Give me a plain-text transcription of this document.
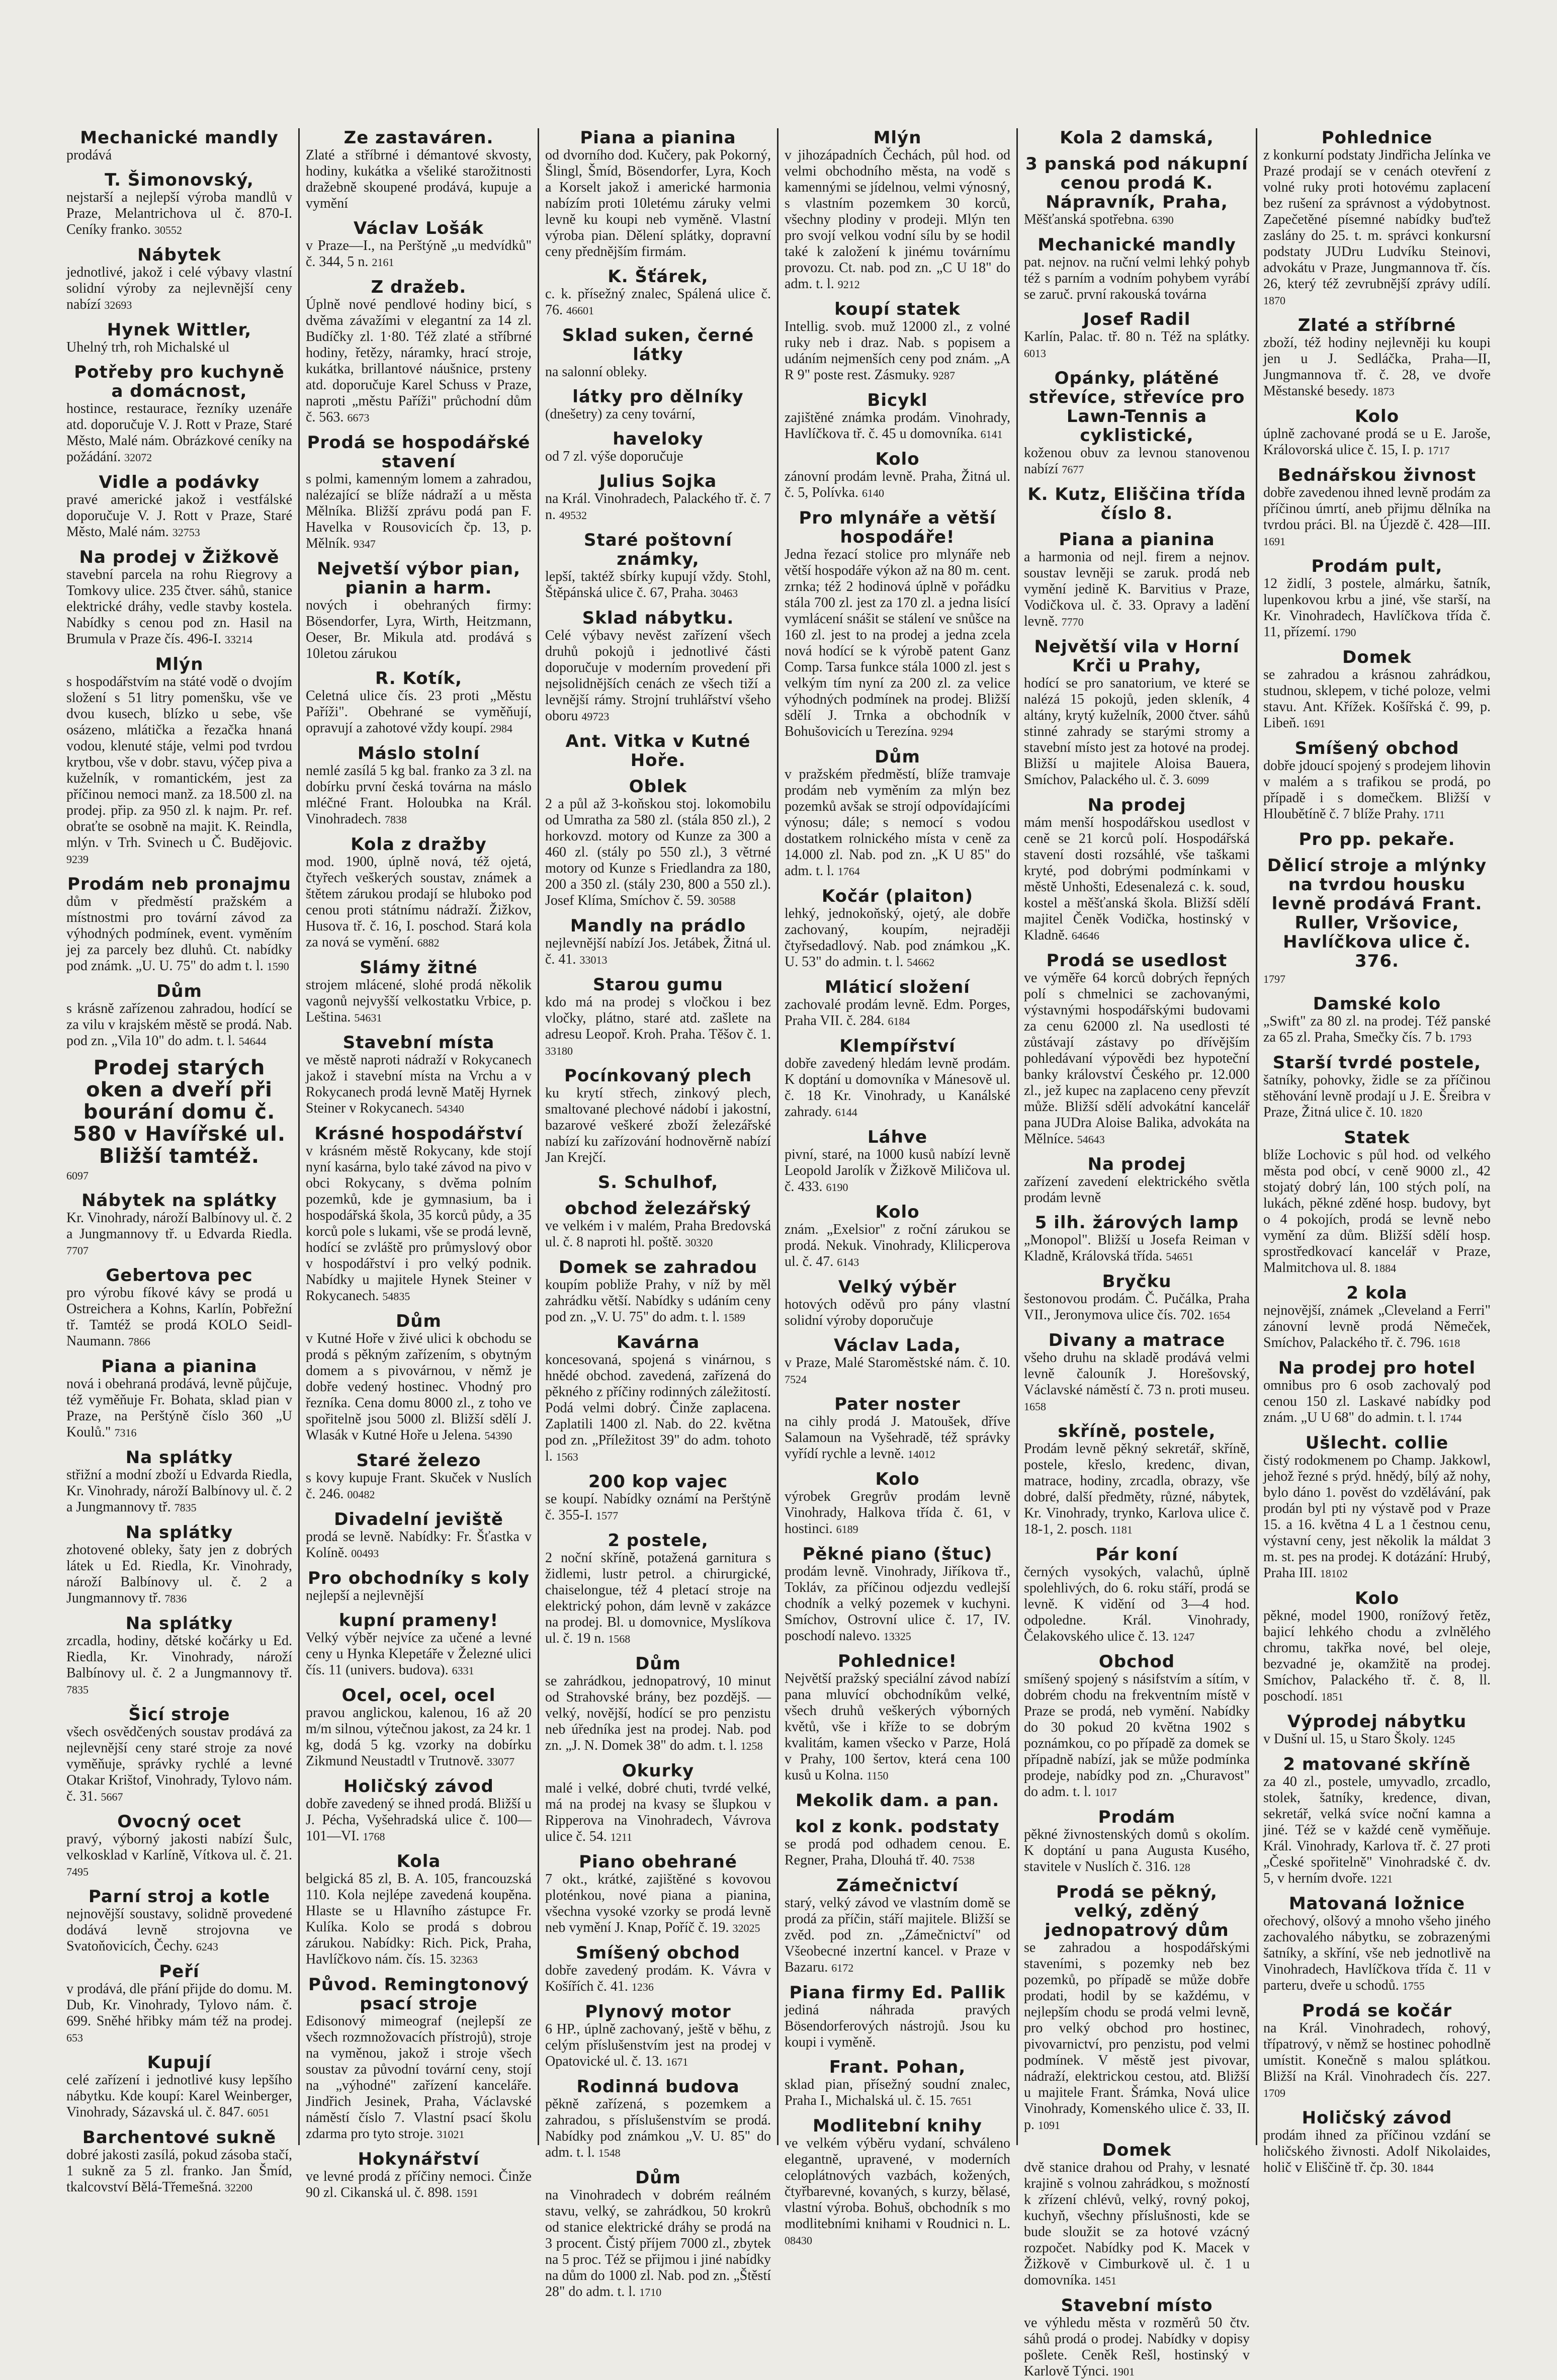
Mechanické mandly
prodává
T. Šimonovský,
nejstarší a nejlepší výroba mandlů v Praze, Melantrichova ul č. 870-I. Ceníky franko. 30552
Nábytek
jednotlivé, jakož i celé výbavy vlastní solidní výroby za nejlevnější ceny nabízí 32693
Hynek Wittler,
Uhelný trh, roh Michalské ul
Potřeby pro kuchyně a domácnost,
hostince, restaurace, řezníky uzenáře atd. doporučuje V. J. Rott v Praze, Staré Město, Malé nám. Obrázkové ceníky na požádání. 32072
Vidle a podávky
pravé americké jakož i vestfálské doporučuje V. J. Rott v Praze, Staré Město, Malé nám. 32753
Na prodej v Žižkově
stavební parcela na rohu Riegrovy a Tomkovy ulice. 235 čtver. sáhů, stanice elektrické dráhy, vedle stavby kostela. Nabídky s cenou pod zn. Hasil na Brumula v Praze čís. 496-I. 33214
Mlýn
s hospodářstvím na státé vodě o dvojím složení s 51 litry pomenšku, vše ve dvou kusech, blízko u sebe, vše osázeno, mlátička a řezačka hnaná vodou, klenuté stáje, velmi pod tvrdou krytbou, vše v dobr. stavu, výčep piva a kuželník, v romantickém, jest za příčinou nemoci manž. za 18.500 zl. na prodej. přip. za 950 zl. k najm. Pr. ref. obraťte se osobně na majit. K. Reindla, mlýn. v Trh. Svinech u Č. Budějovic. 9239
Prodám neb pronajmu
dům v předměstí pražském a místnostmi pro tovární závod za výhodných podmínek, event. vyměním jej za parcely bez dluhů. Ct. nabídky pod známk. „U. U. 75" do adm t. l. 1590
Dům
s krásně zařízenou zahradou, hodící se za vilu v krajském městě se prodá. Nab. pod zn. „Vila 10" do adm. t. l. 54644
Prodej starých oken a dveří při bourání domu č. 580 v Havířské ul. Bližší tamtéž.
6097
Nábytek na splátky
Kr. Vinohrady, nároží Balbínovy ul. č. 2 a Jungmannovy tř. u Edvarda Riedla. 7707
Gebertova pec
pro výrobu fíkové kávy se prodá u Ostreichera a Kohns, Karlín, Pobřežní tř. Tamtéž se prodá KOLO Seidl-Naumann. 7866
Piana a pianina
nová i obehraná prodává, levně půjčuje, též vyměňuje Fr. Bohata, sklad pian v Praze, na Perštýně číslo 360 „U Koulů." 7316
Na splátky
střižní a modní zboží u Edvarda Riedla, Kr. Vinohrady, nároží Balbínovy ul. č. 2 a Jungmannovy tř. 7835
Na splátky
zhotovené obleky, šaty jen z dobrých látek u Ed. Riedla, Kr. Vinohrady, nároží Balbínovy ul. č. 2 a Jungmannovy tř. 7836
Na splátky
zrcadla, hodiny, dětské kočárky u Ed. Riedla, Kr. Vinohrady, nároží Balbínovy ul. č. 2 a Jungmannovy tř. 7835
Šicí stroje
všech osvědčených soustav prodává za nejlevnější ceny staré stroje za nové vyměňuje, správky rychlé a levné Otakar Krištof, Vinohrady, Tylovo nám. č. 31. 5667
Ovocný ocet
pravý, výborný jakosti nabízí Šulc, velkosklad v Karlíně, Vítkova ul. č. 21. 7495
Parní stroj a kotle
nejnovější soustavy, solidně provedené dodává levně strojovna ve Svatoňovicích, Čechy. 6243
Peří
v prodává, dle přání přijde do domu. M. Dub, Kr. Vinohrady, Tylovo nám. č. 699. Sněhé hřibky mám též na prodej. 653
Kupují
celé zařízení i jednotlivé kusy lepšího nábytku. Kde koupí: Karel Weinberger, Vinohrady, Sázavská ul. č. 847. 6051
Barchentové sukně
dobré jakosti zasílá, pokud zásoba stačí, 1 sukně za 5 zl. franko. Jan Šmíd, tkalcovství Bělá-Třemešná. 32200
Ze zastaváren.
Zlaté a stříbrné i démantové skvosty, hodiny, kukátka a všeliké starožitnosti dražebně skoupené prodává, kupuje a vymění
Václav Lošák
v Praze—I., na Perštýně „u medvídků" č. 344, 5 n. 2161
Z dražeb.
Úplně nové pendlové hodiny bicí, s dvěma závažími v elegantní za 14 zl. Budíčky zl. 1·80. Též zlaté a stříbrné hodiny, řetězy, náramky, hrací stroje, kukátka, brillantové náušnice, prsteny atd. doporučuje Karel Schuss v Praze, naproti „městu Paříži" průchodní dům č. 563. 6673
Prodá se hospodářské stavení
s polmi, kamenným lomem a zahradou, nalézající se blíže nádraží a u města Mělníka. Bližší zprávu podá pan F. Havelka v Rousovicích čp. 13, p. Mělník. 9347
Nejvetší výbor pian, pianin a harm.
nových i obehraných firmy: Bösendorfer, Lyra, Wirth, Heitzmann, Oeser, Br. Mikula atd. prodává s 10letou zárukou
R. Kotík,
Celetná ulice čís. 23 proti „Městu Paříži". Obehrané se vyměňují, opravují a zahotové vždy koupí. 2984
Máslo stolní
nemlé zasílá 5 kg bal. franko za 3 zl. na dobírku první česká továrna na máslo mléčné Frant. Holoubka na Král. Vinohradech. 7838
Kola z dražby
mod. 1900, úplně nová, též ojetá, čtyřech veškerých soustav, známek a štětem zárukou prodají se hluboko pod cenou proti státnímu nádraží. Žižkov, Husova tř. č. 16, I. poschod. Stará kola za nová se vymění. 6882
Slámy žitné
strojem mlácené, slohé prodá několik vagonů nejvyšší velkostatku Vrbice, p. Leština. 54631
Stavební místa
ve městě naproti nádraží v Rokycanech jakož i stavební místa na Vrchu a v Rokycanech prodá levně Matěj Hyrnek Steiner v Rokycanech. 54340
Krásné hospodářství
v krásném městě Rokycany, kde stojí nyní kasárna, bylo také závod na pivo v obci Rokycany, s dvěma polním pozemků, kde je gymnasium, ba i hospodářská škola, 35 korců půdy, a 35 korců pole s lukami, vše se prodá levně, hodící se zvláště pro průmyslový obor v hospodářství i pro velký podnik. Nabídky u majitele Hynek Steiner v Rokycanech. 54835
Dům
v Kutné Hoře v živé ulici k obchodu se prodá s pěkným zařízením, s obytným domem a s pivovárnou, v němž je dobře vedený hostinec. Vhodný pro řezníka. Cena domu 8000 zl., z toho ve spořitelně jsou 5000 zl. Bližší sdělí J. Wlasák v Kutné Hoře u Jelena. 54390
Staré železo
s kovy kupuje Frant. Skuček v Nuslích č. 246. 00482
Divadelní jeviště
prodá se levně. Nabídky: Fr. Šťastka v Kolíně. 00493
Pro obchodníky s koly
nejlepší a nejlevnější
kupní prameny!
Velký výběr nejvíce za učené a levné ceny u Hynka Klepetáře v Železné ulici čís. 11 (univers. budova). 6331
Ocel, ocel, ocel
pravou anglickou, kalenou, 16 až 20 m/m silnou, výtečnou jakost, za 24 kr. 1 kg, dodá 5 kg. vzorky na dobírku Zikmund Neustadtl v Trutnově. 33077
Holičský závod
dobře zavedený se ihned prodá. Bližší u J. Pécha, Vyšehradská ulice č. 100—101—VI. 1768
Kola
belgická 85 zl, B. A. 105, francouzská 110. Kola nejlépe zavedená koupěna. Hlaste se u Hlavního zástupce Fr. Kulíka. Kolo se prodá s dobrou zárukou. Nabídky: Rich. Pick, Praha, Havlíčkovo nám. čís. 15. 32363
Původ. Remingtonový psací stroje
Edisonový mimeograf (nejlepší ze všech rozmnožovacích přístrojů), stroje na vyměnou, jakož i stroje všech soustav za původní tovární ceny, stojí na „výhodné" zařízení kanceláře. Jindřich Jesinek, Praha, Václavské náměstí číslo 7. Vlastní psací školu zdarma pro tyto stroje. 31021
Hokynářství
ve levné prodá z příčiny nemoci. Činže 90 zl. Cikanská ul. č. 898. 1591
Piana a pianina
od dvorního dod. Kučery, pak Pokorný, Šlingl, Šmíd, Bösendorfer, Lyra, Koch a Korselt jakož i americké harmonia nabízím proti 10letému záruky velmi levně ku koupi neb vyměně. Vlastní výroba pian. Dělení splátky, dopravní ceny přednějším firmám.
K. Šťárek,
c. k. přísežný znalec, Spálená ulice č. 76. 46601
Sklad suken, černé látky
na salonní obleky.
látky pro dělníky
(dnešetry) za ceny tovární,
haveloky
od 7 zl. výše doporučuje
Julius Sojka
na Král. Vinohradech, Palackého tř. č. 7 n. 49532
Staré poštovní známky,
lepší, taktéž sbírky kupují vždy. Stohl, Štěpánská ulice č. 67, Praha. 30463
Sklad nábytku.
Celé výbavy nevěst zařízení všech druhů pokojů i jednotlivé části doporučuje v moderním provedení při nejsolidnějších cenách ze všech tiží a levnější rámy. Strojní truhlářství všeho oboru 49723
Ant. Vitka v Kutné Hoře.
Oblek
2 a půl až 3-koňskou stoj. lokomobilu od Umratha za 580 zl. (stála 850 zl.), 2 horkovzd. motory od Kunze za 300 a 460 zl. (stály po 550 zl.), 3 větrné motory od Kunze s Friedlandra za 180, 200 a 350 zl. (stály 230, 800 a 550 zl.). Josef Klíma, Smíchov č. 59. 30588
Mandly na prádlo
nejlevnější nabízí Jos. Jetábek, Žitná ul. č. 41. 33013
Starou gumu
kdo má na prodej s vločkou i bez vločky, plátno, staré atd. zašlete na adresu Leopoř. Kroh. Praha. Těšov č. 1. 33180
Pocínkovaný plech
ku krytí střech, zinkový plech, smaltované plechové nádobí i jakostní, bazarové veškeré zboží železářské nabízí ku zařízování hodnověrně nabízí Jan Krejčí.
S. Schulhof,
obchod železářský
ve velkém i v malém, Praha Bredovská ul. č. 8 naproti hl. poště. 30320
Domek se zahradou
koupím pobliže Prahy, v níž by měl zahrádku větší. Nabídky s udáním ceny pod zn. „V. U. 75" do adm. t. l. 1589
Kavárna
koncesovaná, spojená s vinárnou, s hnědé obchod. zavedená, zařízená do pěkného z příčiny rodinných záležitostí. Podá velmi dobrý. Činže zaplacena. Zaplatili 1400 zl. Nab. do 22. května pod zn. „Příležitost 39" do adm. tohoto l. 1563
200 kop vajec
se koupí. Nabídky oznámí na Perštýně č. 355-I. 1577
2 postele,
2 noční skříně, potažená garnitura s židlemi, lustr petrol. a chirurgické, chaiselongue, též 4 pletací stroje na elektrický pohon, dám levně v zakázce na prodej. Bl. u domovnice, Myslíkova ul. č. 19 n. 1568
Dům
se zahrádkou, jednopatrový, 10 minut od Strahovské brány, bez pozdějš. — velký, novější, hodící se pro penzistu neb úředníka jest na prodej. Nab. pod zn. „J. N. Domek 38" do adm. t. l. 1258
Okurky
malé i velké, dobré chuti, tvrdé velké, má na prodej na kvasy se šlupkou v Ripperova na Vinohradech, Vávrova ulice č. 54. 1211
Piano obehrané
7 okt., krátké, zajištěné s kovovou ploténkou, nové piana a pianina, všechna vysoké vzorky se prodá levně neb vymění J. Knap, Poříč č. 19. 32025
Smíšený obchod
dobře zavedený prodám. K. Vávra v Košířích č. 41. 1236
Plynový motor
6 HP., úplně zachovaný, ještě v běhu, z celým příslušenstvím jest na prodej v Opatovické ul. č. 13. 1671
Rodinná budova
pěkně zařízená, s pozemkem a zahradou, s příslušenstvím se prodá. Nabídky pod známkou „V. U. 85" do adm. t. l. 1548
Dům
na Vinohradech v dobrém reálném stavu, velký, se zahrádkou, 50 krokrů od stanice elektrické dráhy se prodá na 3 procent. Čistý příjem 7000 zl., zbytek na 5 proc. Též se přijmou i jiné nabídky na dům do 1000 zl. Nab. pod zn. „Štěstí 28" do adm. t. l. 1710
Mlýn
v jihozápadních Čechách, půl hod. od velmi obchodního města, na vodě s kamennými se jídelnou, velmi výnosný, s vlastním pozemkem 30 korců, všechny plodiny v prodeji. Mlýn ten pro svojí velkou vodní sílu by se hodil také k založení k jinému továrnímu provozu. Ct. nab. pod zn. „C U 18" do adm. t. l. 9212
koupí statek
Intellig. svob. muž 12000 zl., z volné ruky neb i draz. Nab. s popisem a udáním nejmenších ceny pod znám. „A R 9" poste rest. Zásmuky. 9287
Bicykl
zajištěné známka prodám. Vinohrady, Havlíčkova tř. č. 45 u domovníka. 6141
Kolo
zánovní prodám levně. Praha, Žitná ul. č. 5, Polívka. 6140
Pro mlynáře a větší hospodáře!
Jedna řezací stolice pro mlynáře neb větší hospodáře výkon až na 80 m. cent. zrnka; též 2 hodinová úplně v pořádku stála 700 zl. jest za 170 zl. a jedna lisící vymlácení snášit se stálení ve snůšce na 160 zl. jest to na prodej a jedna zcela nová hodící se k výrobě patent Ganz Comp. Tarsa funkce stála 1000 zl. jest s velkým tím nyní za 200 zl. za velice výhodných podmínek na prodej. Bližší sdělí J. Trnka a obchodník v Bohušovicích u Terezína. 9294
Dům
v pražském předměstí, blíže tramvaje prodám neb vyměním za mlýn bez pozemků avšak se strojí odpovídajícími výnosu; dále; s nemocí s vodou dostatkem rolnického místa v ceně za 14.000 zl. Nab. pod zn. „K U 85" do adm. t. l. 1764
Kočár (plaiton)
lehký, jednokoňský, ojetý, ale dobře zachovaný, koupím, nejraději čtyřsedadlový. Nab. pod známkou „K. U. 53" do admin. t. l. 54662
Mláticí složení
zachovalé prodám levně. Edm. Porges, Praha VII. č. 284. 6184
Klempířství
dobře zavedený hledám levně prodám. K doptání u domovníka v Mánesově ul. č. 18 Kr. Vinohrady, u Kanálské zahrady. 6144
Láhve
pivní, staré, na 1000 kusů nabízí levně Leopold Jarolík v Žižkově Miličova ul. č. 433. 6190
Kolo
znám. „Exelsior" z roční zárukou se prodá. Nekuk. Vinohrady, Klilicperova ul. č. 47. 6143
Velký výběr
hotových oděvů pro pány vlastní solidní výroby doporučuje
Václav Lada,
v Praze, Malé Staroměstské nám. č. 10. 7524
Pater noster
na cihly prodá J. Matoušek, dříve Salamoun na Vyšehradě, též správky vyřídí rychle a levně. 14012
Kolo
výrobek Gregrův prodám levně Vinohrady, Halkova třída č. 61, v hostinci. 6189
Pěkné piano (štuc)
prodám levně. Vinohrady, Jiříkova tř., Tokláv, za příčinou odjezdu vedlejší chodník a velký pozemek v kuchyni. Smíchov, Ostrovní ulice č. 17, IV. poschodí nalevo. 13325
Pohlednice!
Největší pražský speciální závod nabízí pana mluvící obchodníkům velké, všech druhů veškerých výborných květů, vše i kříže to se dobrým kvalitám, kamen všecko v Parze, Holá v Prahy, 100 šertov, která cena 100 kusů u Kolna. 1150
Mekolik dam. a pan.
kol z konk. podstaty
se prodá pod odhadem cenou. E. Regner, Praha, Dlouhá tř. 40. 7538
Zámečnictví
starý, velký závod ve vlastním domě se prodá za příčin, stáří majitele. Bližší se zvěd. pod zn. „Zámečnictví" od Všeobecné inzertní kancel. v Praze v Bazaru. 6172
Piana firmy Ed. Pallik
jediná náhrada pravých Bösendorferových nástrojů. Jsou ku koupi i vyměně.
Frant. Pohan,
sklad pian, přísežný soudní znalec, Praha I., Michalská ul. č. 15. 7651
Modlitební knihy
ve velkém výběru vydaní, schváleno elegantně, upravené, v moderních celoplátnových vazbách, kožených, čtyřbarevné, kovaných, s kurzy, bělasé, vlastní výroba. Bohuš, obchodník s mo modlitebními knihami v Roudnici n. L. 08430
Kola 2 damská,
3 panská pod nákupní cenou prodá K. Nápravník, Praha,
Měšťanská spotřebna. 6390
Mechanické mandly
pat. nejnov. na ruční velmi lehký pohyb též s parním a vodním pohybem vyrábí se zaruč. první rakouská továrna
Josef Radil
Karlín, Palac. tř. 80 n. Též na splátky. 6013
Opánky, plátěné střevíce, střevíce pro Lawn-Tennis a cyklistické,
koženou obuv za levnou stanovenou nabízí 7677
K. Kutz, Eliščina třída číslo 8.
Piana a pianina
a harmonia od nejl. firem a nejnov. soustav levněji se zaruk. prodá neb vymění jedině K. Barvitius v Praze, Vodičkova ul. č. 33. Opravy a ladění levně. 7770
Největší vila v Horní Krči u Prahy,
hodící se pro sanatorium, ve které se nalézá 15 pokojů, jeden skleník, 4 altány, krytý kuželník, 2000 čtver. sáhů stinné zahrady se starými stromy a stavební místo jest za hotové na prodej. Bližší u majitele Aloisa Bauera, Smíchov, Palackého ul. č. 3. 6099
Na prodej
mám menší hospodářskou usedlost v ceně se 21 korců polí. Hospodářská stavení dosti rozsáhlé, vše taškami kryté, pod dobrými podmínkami v městě Unhošti, Edesenalezá c. k. soud, kostel a měšťanská škola. Bližší sdělí majitel Čeněk Vodička, hostinský v Kladně. 64646
Prodá se usedlost
ve výměře 64 korců dobrých řepných polí s chmelnici se zachovanými, výstavnými hospodářskými budovami za cenu 62000 zl. Na usedlosti té zůstávají zástavy po dřívějším pohledávaní výpovědi bez hypoteční banky království Českého pr. 12.000 zl., jež kupec na zaplaceno ceny převzít může. Bližší sdělí advokátní kancelář pana JUDra Aloise Balika, advokáta na Mělníce. 54643
Na prodej
zařízení zavedení elektrického světla prodám levně
5 ilh. žárových lamp
„Monopol". Bližší u Josefa Reiman v Kladně, Královská třída. 54651
Bryčku
šestonovou prodám. Č. Pučálka, Praha VII., Jeronymova ulice čís. 702. 1654
Divany a matrace
všeho druhu na skladě prodává velmi levně čalouník J. Horešovský, Václavské náměstí č. 73 n. proti museu. 1658
skříně, postele,
Prodám levně pěkný sekretář, skříně, postele, křeslo, kredenc, divan, matrace, hodiny, zrcadla, obrazy, vše dobré, další předměty, různé, nábytek, Kr. Vinohrady, trynko, Karlova ulice č. 18-1, 2. posch. 1181
Pár koní
černých vysokých, valachů, úplně spolehlivých, do 6. roku stáří, prodá se levně. K vidění od 3—4 hod. odpoledne. Král. Vinohrady, Čelakovského ulice č. 13. 1247
Obchod
smíšený spojený s násifstvím a sítím, v dobrém chodu na frekventním místě v Praze se prodá, neb vymění. Nabídky do 30 pokud 20 května 1902 s poznámkou, co po případě za domek se případně nabízí, jak se může podmínka prodeje, nabídky pod zn. „Churavost" do adm. t. l. 1017
Prodám
pěkné živnostenských domů s okolím. K doptání u pana Augusta Kusého, stavitele v Nuslích č. 316. 128
Prodá se pěkný, velký, zděný jednopatrový dům
se zahradou a hospodářskými staveními, s pozemky neb bez pozemků, po případě se může dobře prodati, hodil by se každému, v nejlepším chodu se prodá velmi levně, pro velký obchod pro hostinec, pivovarnictví, pro penzistu, pod velmi podmínek. V městě jest pivovar, nádraží, elektrickou cestou, atd. Bližší u majitele Frant. Šrámka, Nová ulice Vinohrady, Komenského ulice č. 33, II. p. 1091
Domek
dvě stanice drahou od Prahy, v lesnaté krajině s volnou zahrádkou, s možností k zřízení chlévů, velký, rovný pokoj, kuchyň, všechny příslušnosti, kde se bude sloužit se za hotové vzácný rozpočet. Nabídky pod K. Macek v Žižkově v Cimburkově ul. č. 1 u domovníka. 1451
Stavební místo
ve výhledu města v rozměrů 50 čtv. sáhů prodá o prodej. Nabídky v dopisy pošlete. Ceněk Rešl, hostinský v Karlově Týnci. 1901
Pohlednice
z konkurní podstaty Jindřicha Jelínka ve Prazé prodají se v cenách otevření z volné ruky proti hotovému zaplacení bez rušení za správnost a výdobytnost. Zapečetěné písemné nabídky buďtež zaslány do 25. t. m. správci konkursní podstaty JUDru Ludvíku Steinovi, advokátu v Praze, Jungmannova tř. čís. 26, který též zevrubnější zprávy udílí. 1870
Zlaté a stříbrné
zboží, též hodiny nejlevněji ku koupi jen u J. Sedláčka, Praha—II, Jungmannova tř. č. 28, ve dvoře Městanské besedy. 1873
Kolo
úplně zachované prodá se u E. Jaroše, Královorská ulice č. 15, I. p. 1717
Bednářskou živnost
dobře zavedenou ihned levně prodám za příčinou úmrtí, aneb přijmu dělníka na tvrdou práci. Bl. na Újezdě č. 428—III. 1691
Prodám pult,
12 židlí, 3 postele, almárku, šatník, lupenkovou krbu a jiné, vše starší, na Kr. Vinohradech, Havlíčkova třída č. 11, přízemí. 1790
Domek
se zahradou a krásnou zahrádkou, studnou, sklepem, v tiché poloze, velmi stavu. Ant. Křížek. Košířská č. 99, p. Libeň. 1691
Smíšený obchod
dobře jdoucí spojený s prodejem lihovin v malém a s trafikou se prodá, po případě i s domečkem. Bližší v Hloubětíně č. 7 blíže Prahy. 1711
Pro pp. pekaře.
Dělicí stroje a mlýnky na tvrdou housku levně prodává Frant. Ruller, Vršovice, Havlíčkova ulice č. 376.
1797
Damské kolo
„Swift" za 80 zl. na prodej. Též panské za 65 zl. Praha, Smečky čís. 7 b. 1793
Starší tvrdé postele,
šatníky, pohovky, židle se za příčinou stěhování levně prodají u J. E. Šreibra v Praze, Žitná ulice č. 10. 1820
Statek
blíže Lochovic s půl hod. od velkého města pod obcí, v ceně 9000 zl., 42 stojatý dobrý lán, 100 stých polí, na lukách, pěkné zděné hosp. budovy, byt o 4 pokojích, prodá se levně nebo vymění za dům. Bližší sdělí hosp. sprostředkovací kancelář v Praze, Malmitchova ul. 8. 1884
2 kola
nejnovější, známek „Cleveland a Ferri" zánovní levně prodá Němeček, Smíchov, Palackého tř. č. 796. 1618
Na prodej pro hotel
omnibus pro 6 osob zachovalý pod cenou 150 zl. Laskavé nabídky pod znám. „U U 68" do admin. t. l. 1744
Ušlecht. collie
čistý rodokmenem po Champ. Jakkowl, jehož řezné s prýd. hnědý, bílý až nohy, bylo dáno 1. pověst do vzdělávání, pak prodán byl pti ny výstavě pod v Praze 15. a 16. května 4 L a 1 čestnou cenu, výstavní ceny, jest několik la máldat 3 m. st. pes na prodej. K dotázání: Hrubý, Praha III. 18102
Kolo
pěkné, model 1900, ronížový řetěz, bajicí lehkého chodu a zvlnělého chromu, takřka nové, bel oleje, bezvadné je, okamžitě na prodej. Smíchov, Palackého tř. č. 8, ll. poschodí. 1851
Výprodej nábytku
v Dušní ul. 15, u Staro Školy. 1245
2 matované skříně
za 40 zl., postele, umyvadlo, zrcadlo, stolek, šatníky, kredence, divan, sekretář, velká svíce noční kamna a jiné. Též se v každé ceně vyměňuje. Král. Vinohrady, Karlova tř. č. 27 proti „České spořitelně" Vinohradské č. dv. 5, v herním dvoře. 1221
Matovaná ložnice
ořechový, olšový a mnoho všeho jiného zachovalého nábytku, se zobrazenými šatníky, a skříní, vše neb jednotlivě na Vinohradech, Havlíčkova třída č. 11 v parteru, dveře u schodů. 1755
Prodá se kočár
na Král. Vinohradech, rohový, třípatrový, v němž se hostinec pohodlně umístit. Konečně s malou splátkou. Bližší na Král. Vinohradech čís. 227. 1709
Holičský závod
prodám ihned za příčinou vzdání se holičského živnosti. Adolf Nikolaides, holič v Eliščině tř. čp. 30. 1844
